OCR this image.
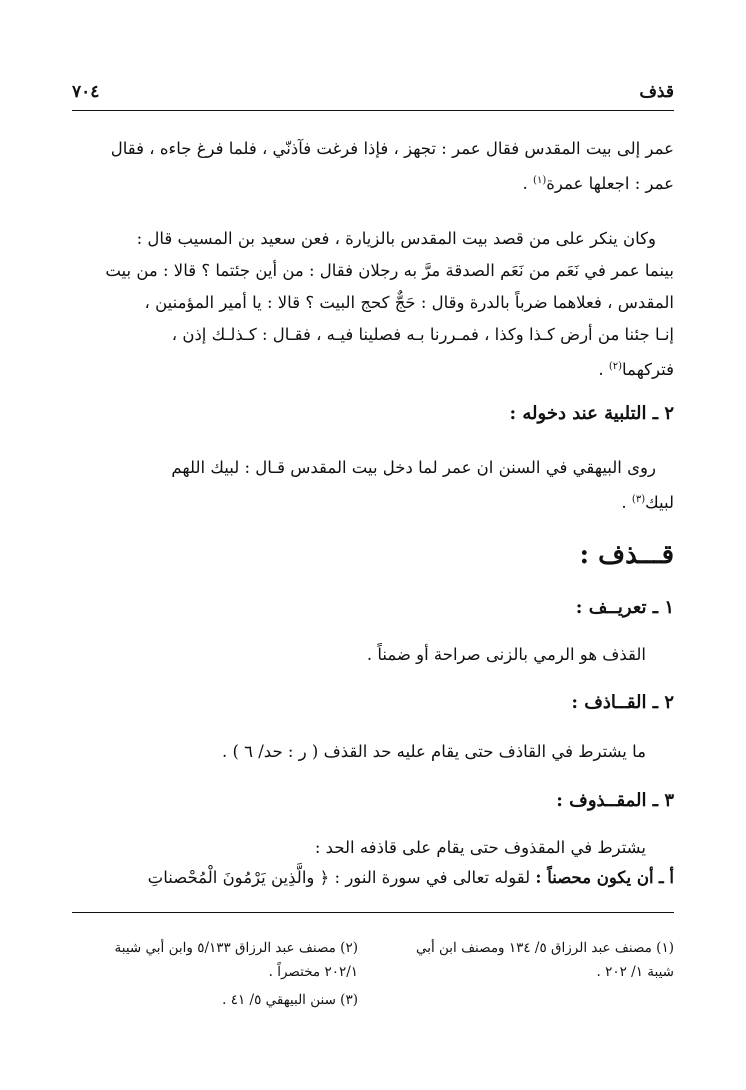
قذف
٧٠٤
عمر إلى بيت المقدس فقال عمر : تجهز ، فإذا فرغت فآذنّي ، فلما فرغ جاءه ، فقال
عمر : اجعلها عمرة$^{(١)}$ .
وكان ينكر على من قصد بيت المقدس بالزيارة ، فعن سعيد بن المسيب قال :
بينما عمر في نَعَم من نَعَم الصدقة مرَّ به رجلان فقال : من أين جئتما ؟ قالا : من بيت
المقدس ، فعلاهما ضرباً بالدرة وقال : حَجٌّ كحج البيت ؟ قالا : يا أمير المؤمنين ،
إنـا جئنا من أرض كـذا وكذا ، فمـررنا بـه فصلينا فيـه ، فقـال : كـذلـك إذن ،
فتركهما$^{(٢)}$ .
٢ ـ التلبية عند دخوله :
روى البيهقي في السنن ان عمر لما دخل بيت المقدس قـال : لبيك اللهم
لبيك$^{(٣)}$ .
قـــذف :
١ ـ تعريــف :
القذف هو الرمي بالزنى صراحة أو ضمناً .
٢ ـ القــاذف :
ما يشترط في القاذف حتى يقام عليه حد القذف ( ر : حد/ ٦ ) .
٣ ـ المقــذوف :
يشترط في المقذوف حتى يقام على قاذفه الحد :
أ ـ أن يكون محصناً : لقوله تعالى في سورة النور : ﴿ والَّذِين يَرْمُونَ الْمُحْصناتِ
(١) مصنف عبد الرزاق ٥/ ١٣٤ ومصنف ابن أبي
شيبة ١/ ٢٠٢ .
(٢) مصنف عبد الرزاق ٥/١٣٣ وابن أبي شيبة
٢٠٢/١ مختصراً .
(٣) سنن البيهقي ٥/ ٤١ .
